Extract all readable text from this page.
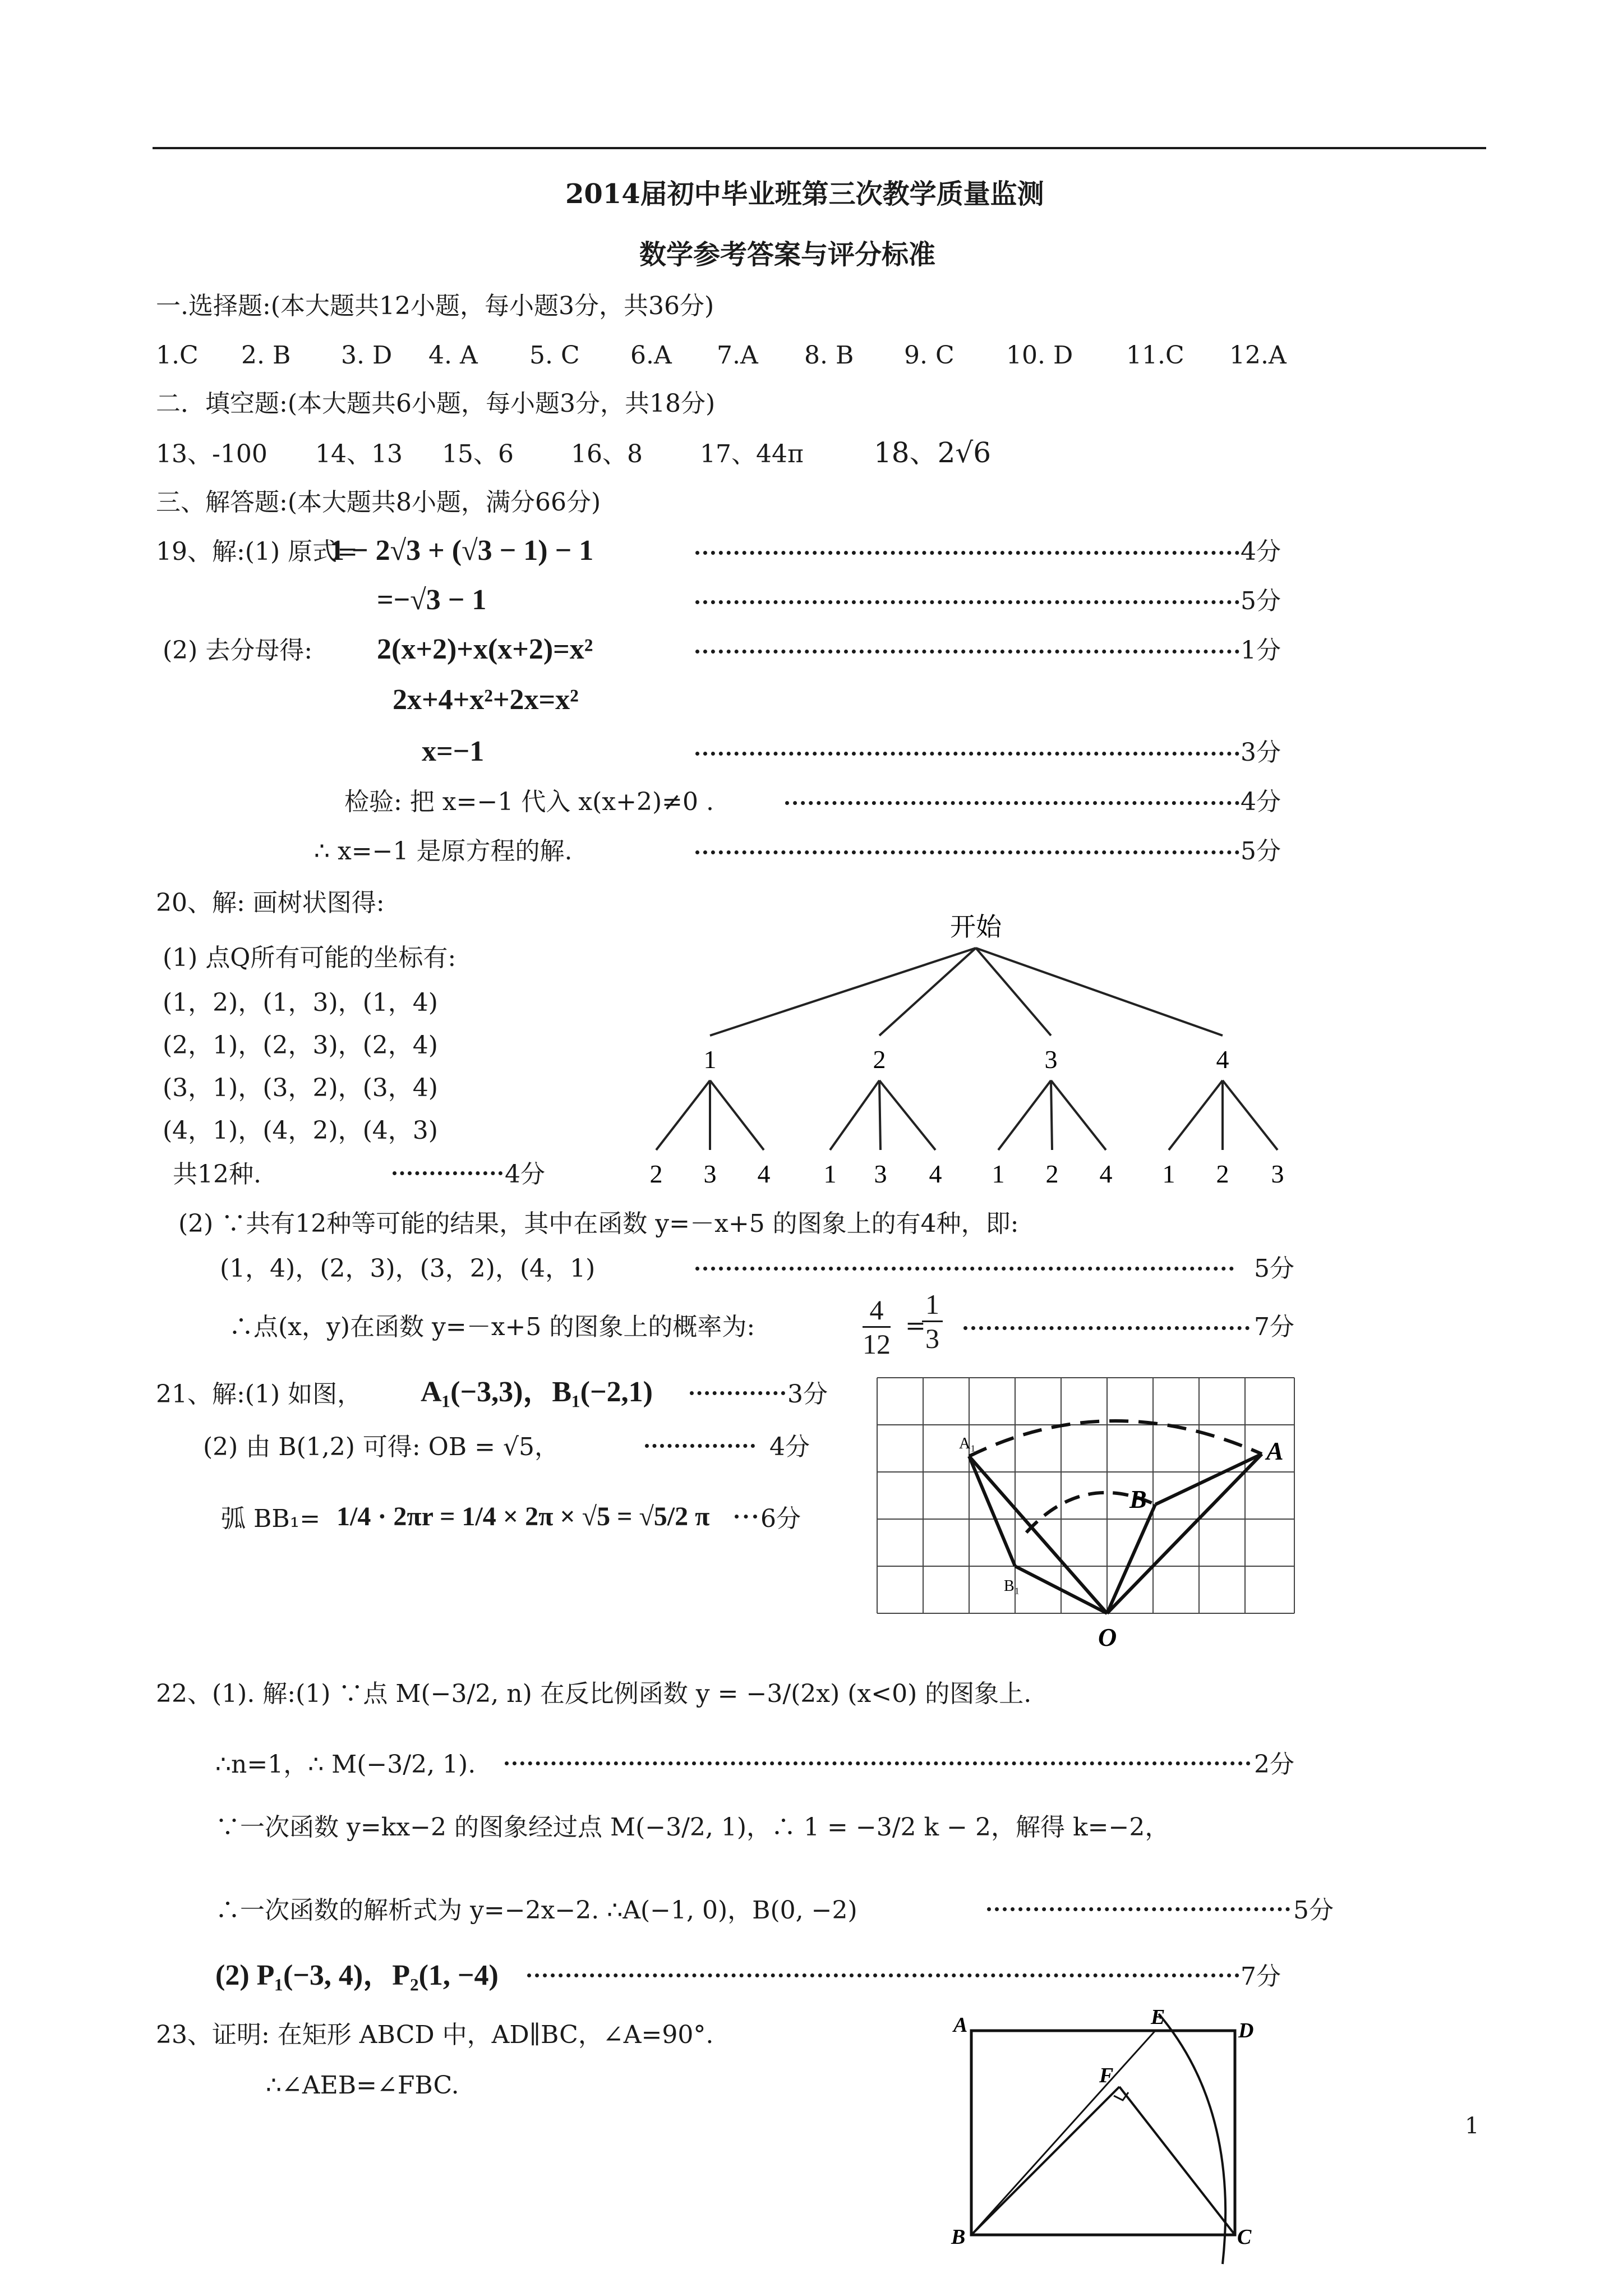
2014届初中毕业班第三次教学质量监测
数学参考答案与评分标准
一.选择题:(本大题共12小题，每小题3分，共36分)
1.C 2. B 3. D 4. A 5. C 6.A 7.A 8. B 9. C 10. D 11.C 12.A
二．填空题:(本大题共6小题，每小题3分，共18分)
13、-100 14、13 15、6 16、8 17、44π	18、2√6
三、解答题:(本大题共8小题，满分66分)
19、解:(1) 原式=
1 − 2√3 + (√3 − 1) − 1	4分
=−√3 − 1	5分
(2) 去分母得: 2(x+2)+x(x+2)=x²	1分
2x+4+x²+2x=x²
x=−1	3分
检验: 把 x=−1 代入 x(x+2)≠0 .	4分
∴ x=−1 是原方程的解.	5分
20、解: 画树状图得:
(1) 点Q所有可能的坐标有:
(1，2)，(1，3)，(1，4)
(2，1)，(2，3)，(2，4)
(3，1)，(3，2)，(3，4)
(4，1)，(4，2)，(4，3)
共12种.	4分
开始
1	2	3	4
2 3 4 1 3 4 1 2 4 1 2 3
(2) ∵共有12种等可能的结果，其中在函数 y=－x+5 的图象上的有4种，即:
(1，4)，(2，3)，(3，2)，(4，1)	5分
∴点(x，y)在函数 y=－x+5 的图象上的概率为:	$\frac{4}{12}$ =
$\frac{1}{3}$	7分
21、解:(1) 如图， A₁(−3,3)，B₁(−2,1)	3分
(2) 由 B(1,2) 可得: OB = √5，	4分
弧 BB₁= 1/4 · 2πr = 1/4 × 2π × √5 = √5/2 π 6分
A₁	A
B
B₁
O
22、(1). 解:(1) ∵点 M(−3/2, n) 在反比例函数 y = −3/(2x) (x<0) 的图象上.
∴n=1，∴ M(−3/2, 1).	2分
∵一次函数 y=kx−2 的图象经过点 M(−3/2, 1)，∴ 1 = −3/2 k − 2，解得 k=−2，
∴一次函数的解析式为 y=−2x−2. ∴A(−1, 0)，B(0, −2)	5分
(2) P₁(−3, 4)，P₂(1, −4)	7分
23、证明: 在矩形 ABCD 中，AD∥BC，∠A=90°.
∴∠AEB=∠FBC.
A	E
D
F
B	C
1
